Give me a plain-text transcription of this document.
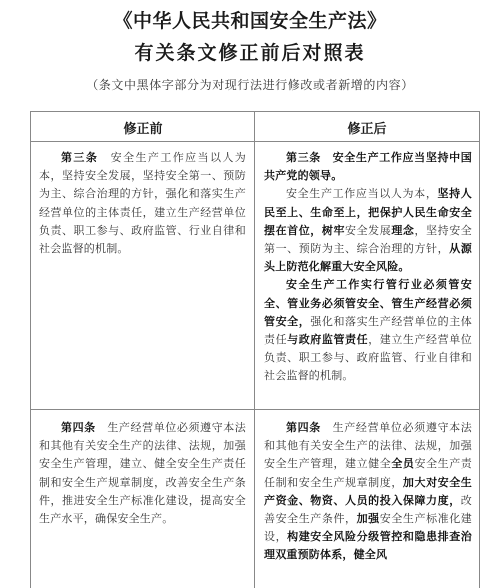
《中华人民共和国安全生产法》
有关条文修正前后对照表
（条文中黑体字部分为对现行法进行修改或者新增的内容）
修正前	修正后
第三条　安全生产工作应当以人为本，坚持安全发展，坚持安全第一、预防为主、综合治理的方针，强化和落实生产经营单位的主体责任，建立生产经营单位负责、职工参与、政府监管、行业自律和社会监督的机制。
第三条　安全生产工作应当坚持中国共产党的领导。
安全生产工作应当以人为本，坚持人民至上、生命至上，把保护人民生命安全摆在首位，树牢安全发展理念，坚持安全第一、预防为主、综合治理的方针，从源头上防范化解重大安全风险。
安全生产工作实行管行业必须管安全、管业务必须管安全、管生产经营必须管安全，强化和落实生产经营单位的主体责任与政府监管责任，建立生产经营单位负责、职工参与、政府监管、行业自律和社会监督的机制。
第四条　生产经营单位必须遵守本法和其他有关安全生产的法律、法规，加强安全生产管理，建立、健全安全生产责任制和安全生产规章制度，改善安全生产条件，推进安全生产标准化建设，提高安全生产水平，确保安全生产。
第四条　生产经营单位必须遵守本法和其他有关安全生产的法律、法规，加强安全生产管理，建立健全全员安全生产责任制和安全生产规章制度，加大对安全生产资金、物资、人员的投入保障力度，改善安全生产条件，加强安全生产标准化建设，构建安全风险分级管控和隐患排查治理双重预防体系，健全风
